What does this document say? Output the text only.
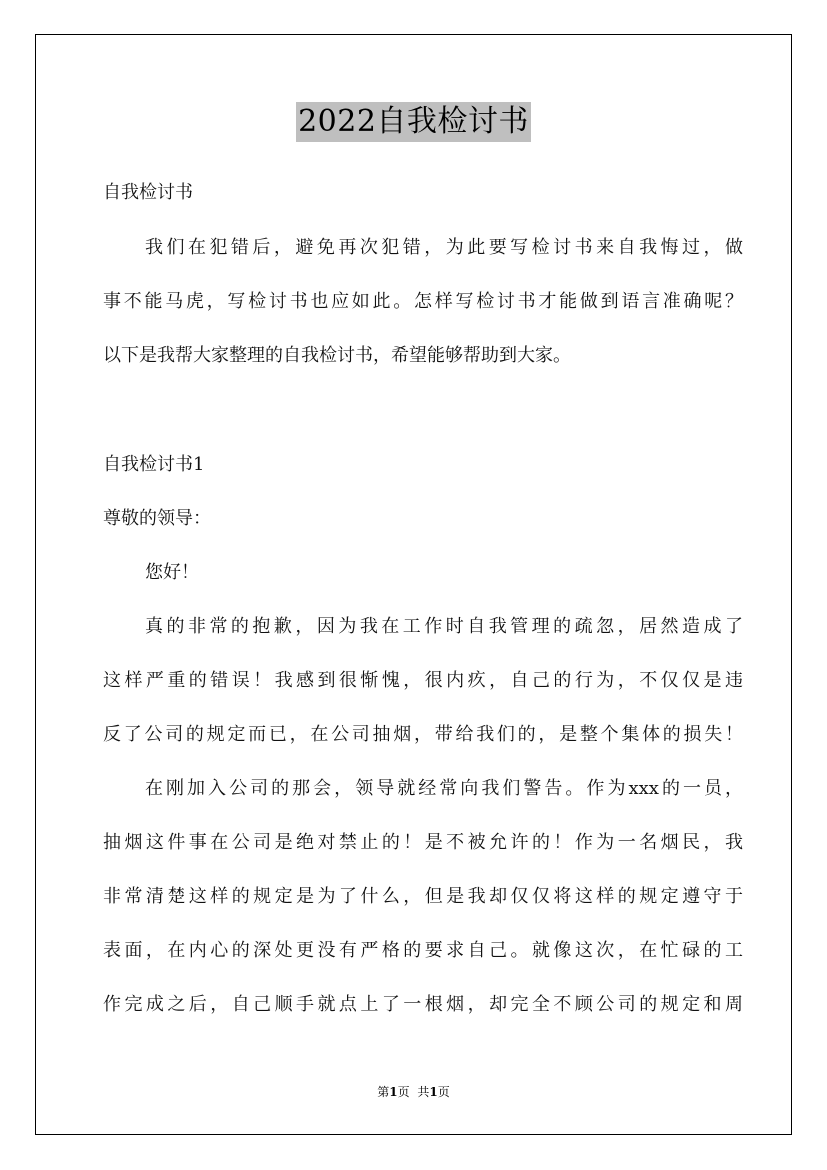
2022自我检讨书
自我检讨书
我们在犯错后，避免再次犯错，为此要写检讨书来自我悔过，做
事不能马虎，写检讨书也应如此。怎样写检讨书才能做到语言准确呢？
以下是我帮大家整理的自我检讨书，希望能够帮助到大家。
自我检讨书1
尊敬的领导：
您好！
真的非常的抱歉，因为我在工作时自我管理的疏忽，居然造成了
这样严重的错误！我感到很惭愧，很内疚，自己的行为，不仅仅是违
反了公司的规定而已，在公司抽烟，带给我们的，是整个集体的损失！
在刚加入公司的那会，领导就经常向我们警告。作为xxx的一员，
抽烟这件事在公司是绝对禁止的！是不被允许的！作为一名烟民，我
非常清楚这样的规定是为了什么，但是我却仅仅将这样的规定遵守于
表面，在内心的深处更没有严格的要求自己。就像这次，在忙碌的工
作完成之后，自己顺手就点上了一根烟，却完全不顾公司的规定和周
第1页 共1页
